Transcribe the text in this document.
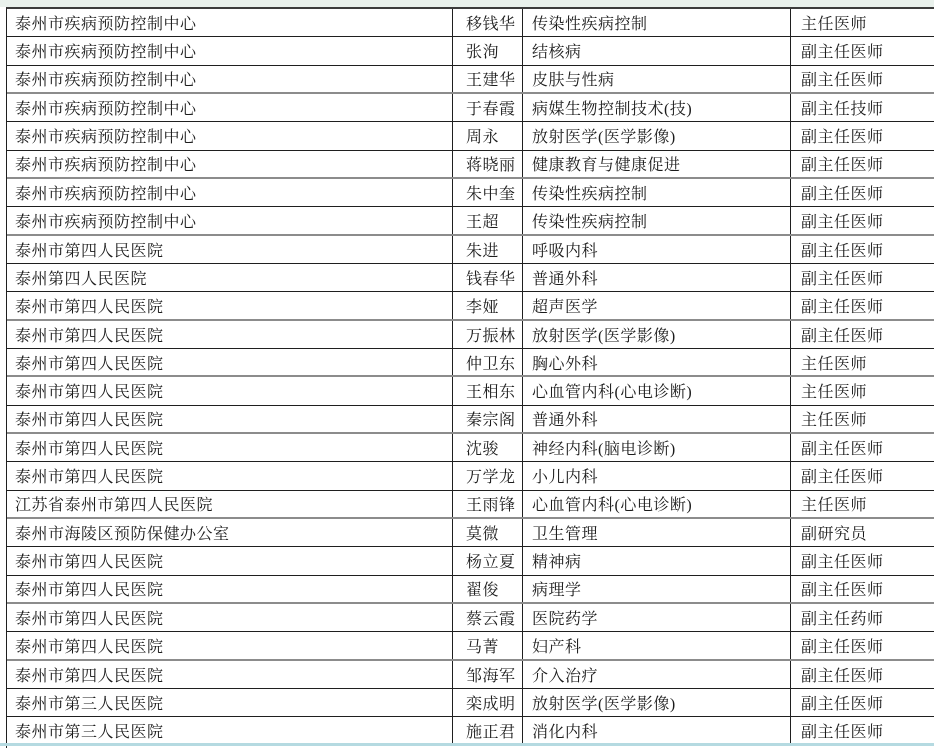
泰州市疾病预防控制中心	移钱华	传染性疾病控制	主任医师
泰州市疾病预防控制中心	张洵	结核病	副主任医师
泰州市疾病预防控制中心	王建华	皮肤与性病	副主任医师
泰州市疾病预防控制中心	于春霞	病媒生物控制技术(技)	副主任技师
泰州市疾病预防控制中心	周永	放射医学(医学影像)	副主任医师
泰州市疾病预防控制中心	蒋晓丽	健康教育与健康促进	副主任医师
泰州市疾病预防控制中心	朱中奎	传染性疾病控制	副主任医师
泰州市疾病预防控制中心	王超	传染性疾病控制	副主任医师
泰州市第四人民医院	朱进	呼吸内科	副主任医师
泰州第四人民医院	钱春华	普通外科	副主任医师
泰州市第四人民医院	李娅	超声医学	副主任医师
泰州市第四人民医院	万振林	放射医学(医学影像)	副主任医师
泰州市第四人民医院	仲卫东	胸心外科	主任医师
泰州市第四人民医院	王相东	心血管内科(心电诊断)	主任医师
泰州市第四人民医院	秦宗阁	普通外科	主任医师
泰州市第四人民医院	沈骏	神经内科(脑电诊断)	副主任医师
泰州市第四人民医院	万学龙	小儿内科	副主任医师
江苏省泰州市第四人民医院	王雨锋	心血管内科(心电诊断)	主任医师
泰州市海陵区预防保健办公室	莫微	卫生管理	副研究员
泰州市第四人民医院	杨立夏	精神病	副主任医师
泰州市第四人民医院	翟俊	病理学	副主任医师
泰州市第四人民医院	蔡云霞	医院药学	副主任药师
泰州市第四人民医院	马菁	妇产科	副主任医师
泰州市第四人民医院	邹海军	介入治疗	副主任医师
泰州市第三人民医院	栾成明	放射医学(医学影像)	副主任医师
泰州市第三人民医院	施正君	消化内科	副主任医师
